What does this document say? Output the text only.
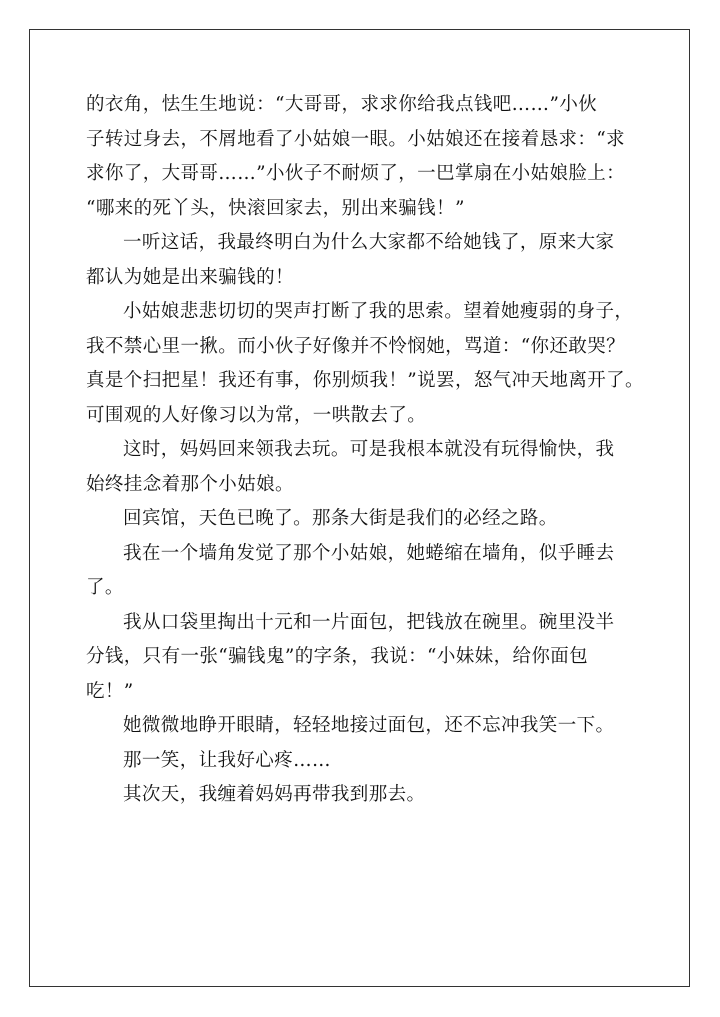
的衣角，怯生生地说：“大哥哥，求求你给我点钱吧……”小伙
子转过身去，不屑地看了小姑娘一眼。小姑娘还在接着恳求：“求
求你了，大哥哥……”小伙子不耐烦了，一巴掌扇在小姑娘脸上：
“哪来的死丫头，快滚回家去，别出来骗钱！”
一听这话，我最终明白为什么大家都不给她钱了，原来大家
都认为她是出来骗钱的！
小姑娘悲悲切切的哭声打断了我的思索。望着她瘦弱的身子，
我不禁心里一揪。而小伙子好像并不怜悯她，骂道：“你还敢哭？
真是个扫把星！我还有事，你别烦我！”说罢，怒气冲天地离开了。
可围观的人好像习以为常，一哄散去了。
这时，妈妈回来领我去玩。可是我根本就没有玩得愉快，我
始终挂念着那个小姑娘。
回宾馆，天色已晚了。那条大街是我们的必经之路。
我在一个墙角发觉了那个小姑娘，她蜷缩在墙角，似乎睡去
了。
我从口袋里掏出十元和一片面包，把钱放在碗里。碗里没半
分钱，只有一张“骗钱鬼”的字条，我说：“小妹妹，给你面包
吃！”
她微微地睁开眼睛，轻轻地接过面包，还不忘冲我笑一下。
那一笑，让我好心疼……
其次天，我缠着妈妈再带我到那去。
